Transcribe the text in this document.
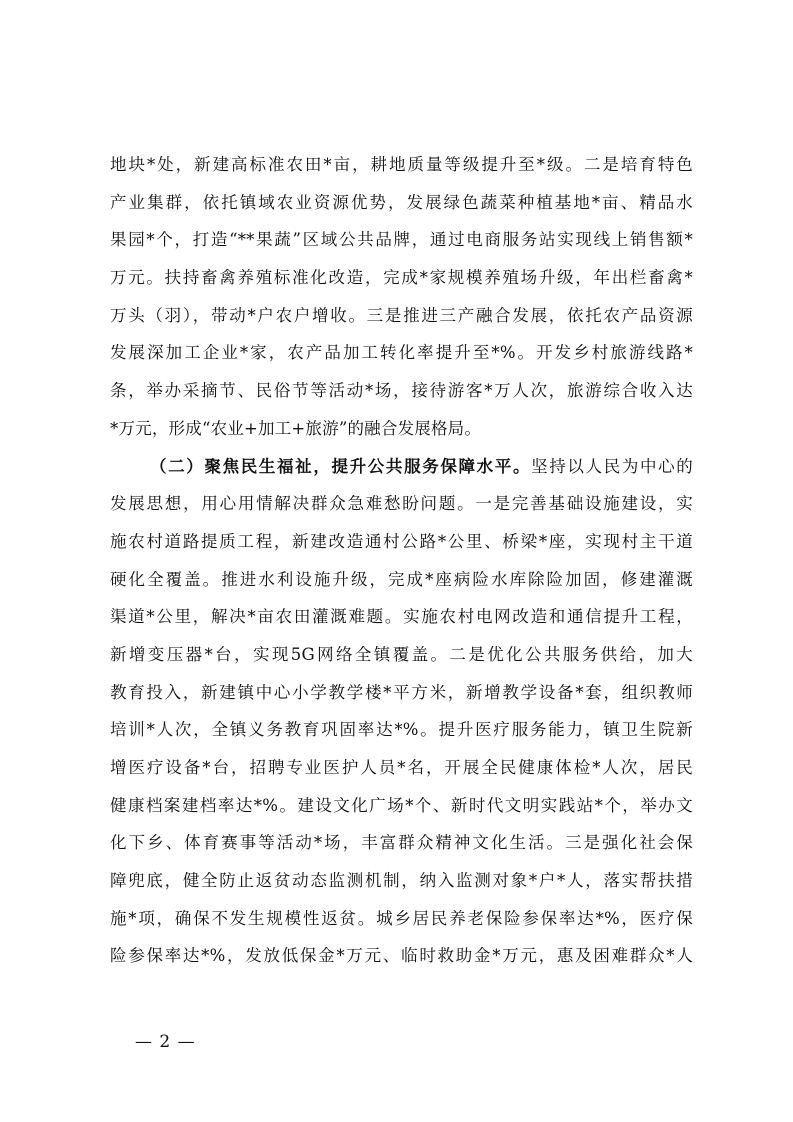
地块*处，新建高标准农田*亩，耕地质量等级提升至*级。二是培育特色
产业集群，依托镇域农业资源优势，发展绿色蔬菜种植基地*亩、精品水
果园*个，打造“**果蔬”区域公共品牌，通过电商服务站实现线上销售额*
万元。扶持畜禽养殖标准化改造，完成*家规模养殖场升级，年出栏畜禽*
万头（羽），带动*户农户增收。三是推进三产融合发展，依托农产品资源
发展深加工企业*家，农产品加工转化率提升至*%。开发乡村旅游线路*
条，举办采摘节、民俗节等活动*场，接待游客*万人次，旅游综合收入达
*万元，形成“农业+加工+旅游”的融合发展格局。
（二）聚焦民生福祉，提升公共服务保障水平。坚持以人民为中心的
发展思想，用心用情解决群众急难愁盼问题。一是完善基础设施建设，实
施农村道路提质工程，新建改造通村公路*公里、桥梁*座，实现村主干道
硬化全覆盖。推进水利设施升级，完成*座病险水库除险加固，修建灌溉
渠道*公里，解决*亩农田灌溉难题。实施农村电网改造和通信提升工程，
新增变压器*台，实现5G网络全镇覆盖。二是优化公共服务供给，加大
教育投入，新建镇中心小学教学楼*平方米，新增教学设备*套，组织教师
培训*人次，全镇义务教育巩固率达*%。提升医疗服务能力，镇卫生院新
增医疗设备*台，招聘专业医护人员*名，开展全民健康体检*人次，居民
健康档案建档率达*%。建设文化广场*个、新时代文明实践站*个，举办文
化下乡、体育赛事等活动*场，丰富群众精神文化生活。三是强化社会保
障兜底，健全防止返贫动态监测机制，纳入监测对象*户*人，落实帮扶措
施*项，确保不发生规模性返贫。城乡居民养老保险参保率达*%，医疗保
险参保率达*%，发放低保金*万元、临时救助金*万元，惠及困难群众*人
— 2 —
